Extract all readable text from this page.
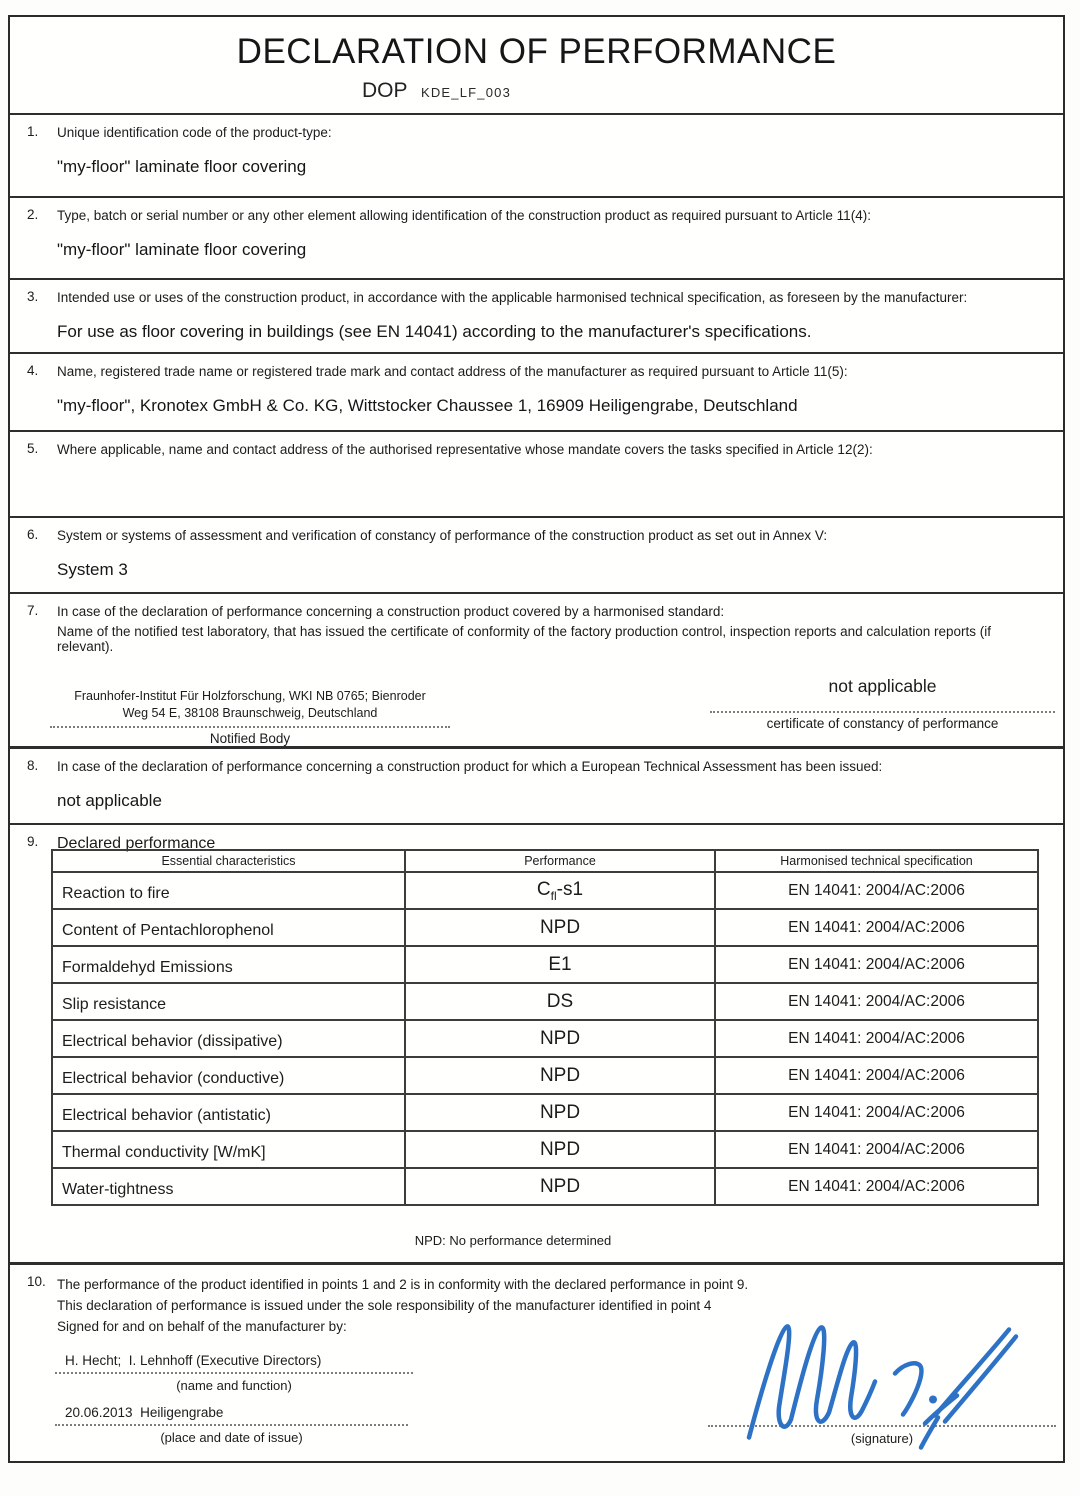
DECLARATION OF PERFORMANCE
DOP KDE_LF_003
1.	Unique identification code of the product-type:
"my-floor" laminate floor covering
2.	Type, batch or serial number or any other element allowing identification of the construction product as required pursuant to Article 11(4):
"my-floor" laminate floor covering
3.	Intended use or uses of the construction product, in accordance with the applicable harmonised technical specification, as foreseen by the manufacturer:
For use as floor covering in buildings (see EN 14041) according to the manufacturer's specifications.
4.	Name, registered trade name or registered trade mark and contact address of the manufacturer as required pursuant to Article 11(5):
"my-floor", Kronotex GmbH & Co. KG, Wittstocker Chaussee 1, 16909 Heiligengrabe, Deutschland
5.	Where applicable, name and contact address of the authorised representative whose mandate covers the tasks specified in Article 12(2):
6.	System or systems of assessment and verification of constancy of performance of the construction product as set out in Annex V:
System 3
7.	In case of the declaration of performance concerning a construction product covered by a harmonised standard:
Name of the notified test laboratory, that has issued the certificate of conformity of the factory production control, inspection reports and calculation reports (if relevant).
Fraunhofer-Institut Für Holzforschung, WKI NB 0765; Bienroder
Weg 54 E, 38108 Braunschweig, Deutschland
Notified Body
not applicable
certificate of constancy of performance
8.	In case of the declaration of performance concerning a construction product for which a European Technical Assessment has been issued:
not applicable
9.	Declared performance
Essential characteristics	Performance	Harmonised technical specification
Reaction to fire	$C_{fl}-s1$	EN 14041: 2004/AC:2006
Content of Pentachlorophenol	NPD	EN 14041: 2004/AC:2006
Formaldehyd Emissions	E1	EN 14041: 2004/AC:2006
Slip resistance	DS	EN 14041: 2004/AC:2006
Electrical behavior (dissipative)	NPD	EN 14041: 2004/AC:2006
Electrical behavior (conductive)	NPD	EN 14041: 2004/AC:2006
Electrical behavior (antistatic)	NPD	EN 14041: 2004/AC:2006
Thermal conductivity [W/mK]	NPD	EN 14041: 2004/AC:2006
Water-tightness	NPD	EN 14041: 2004/AC:2006
NPD: No performance determined
10. The performance of the product identified in points 1 and 2 is in conformity with the declared performance in point 9.

This declaration of performance is issued under the sole responsibility of the manufacturer identified in point 4

Signed for and on behalf of the manufacturer by:

H. Hecht;  I. Lehnhoff (Executive Directors)
(name and function)
20.06.2013  Heiligengrabe
(place and date of issue)	(signature)
